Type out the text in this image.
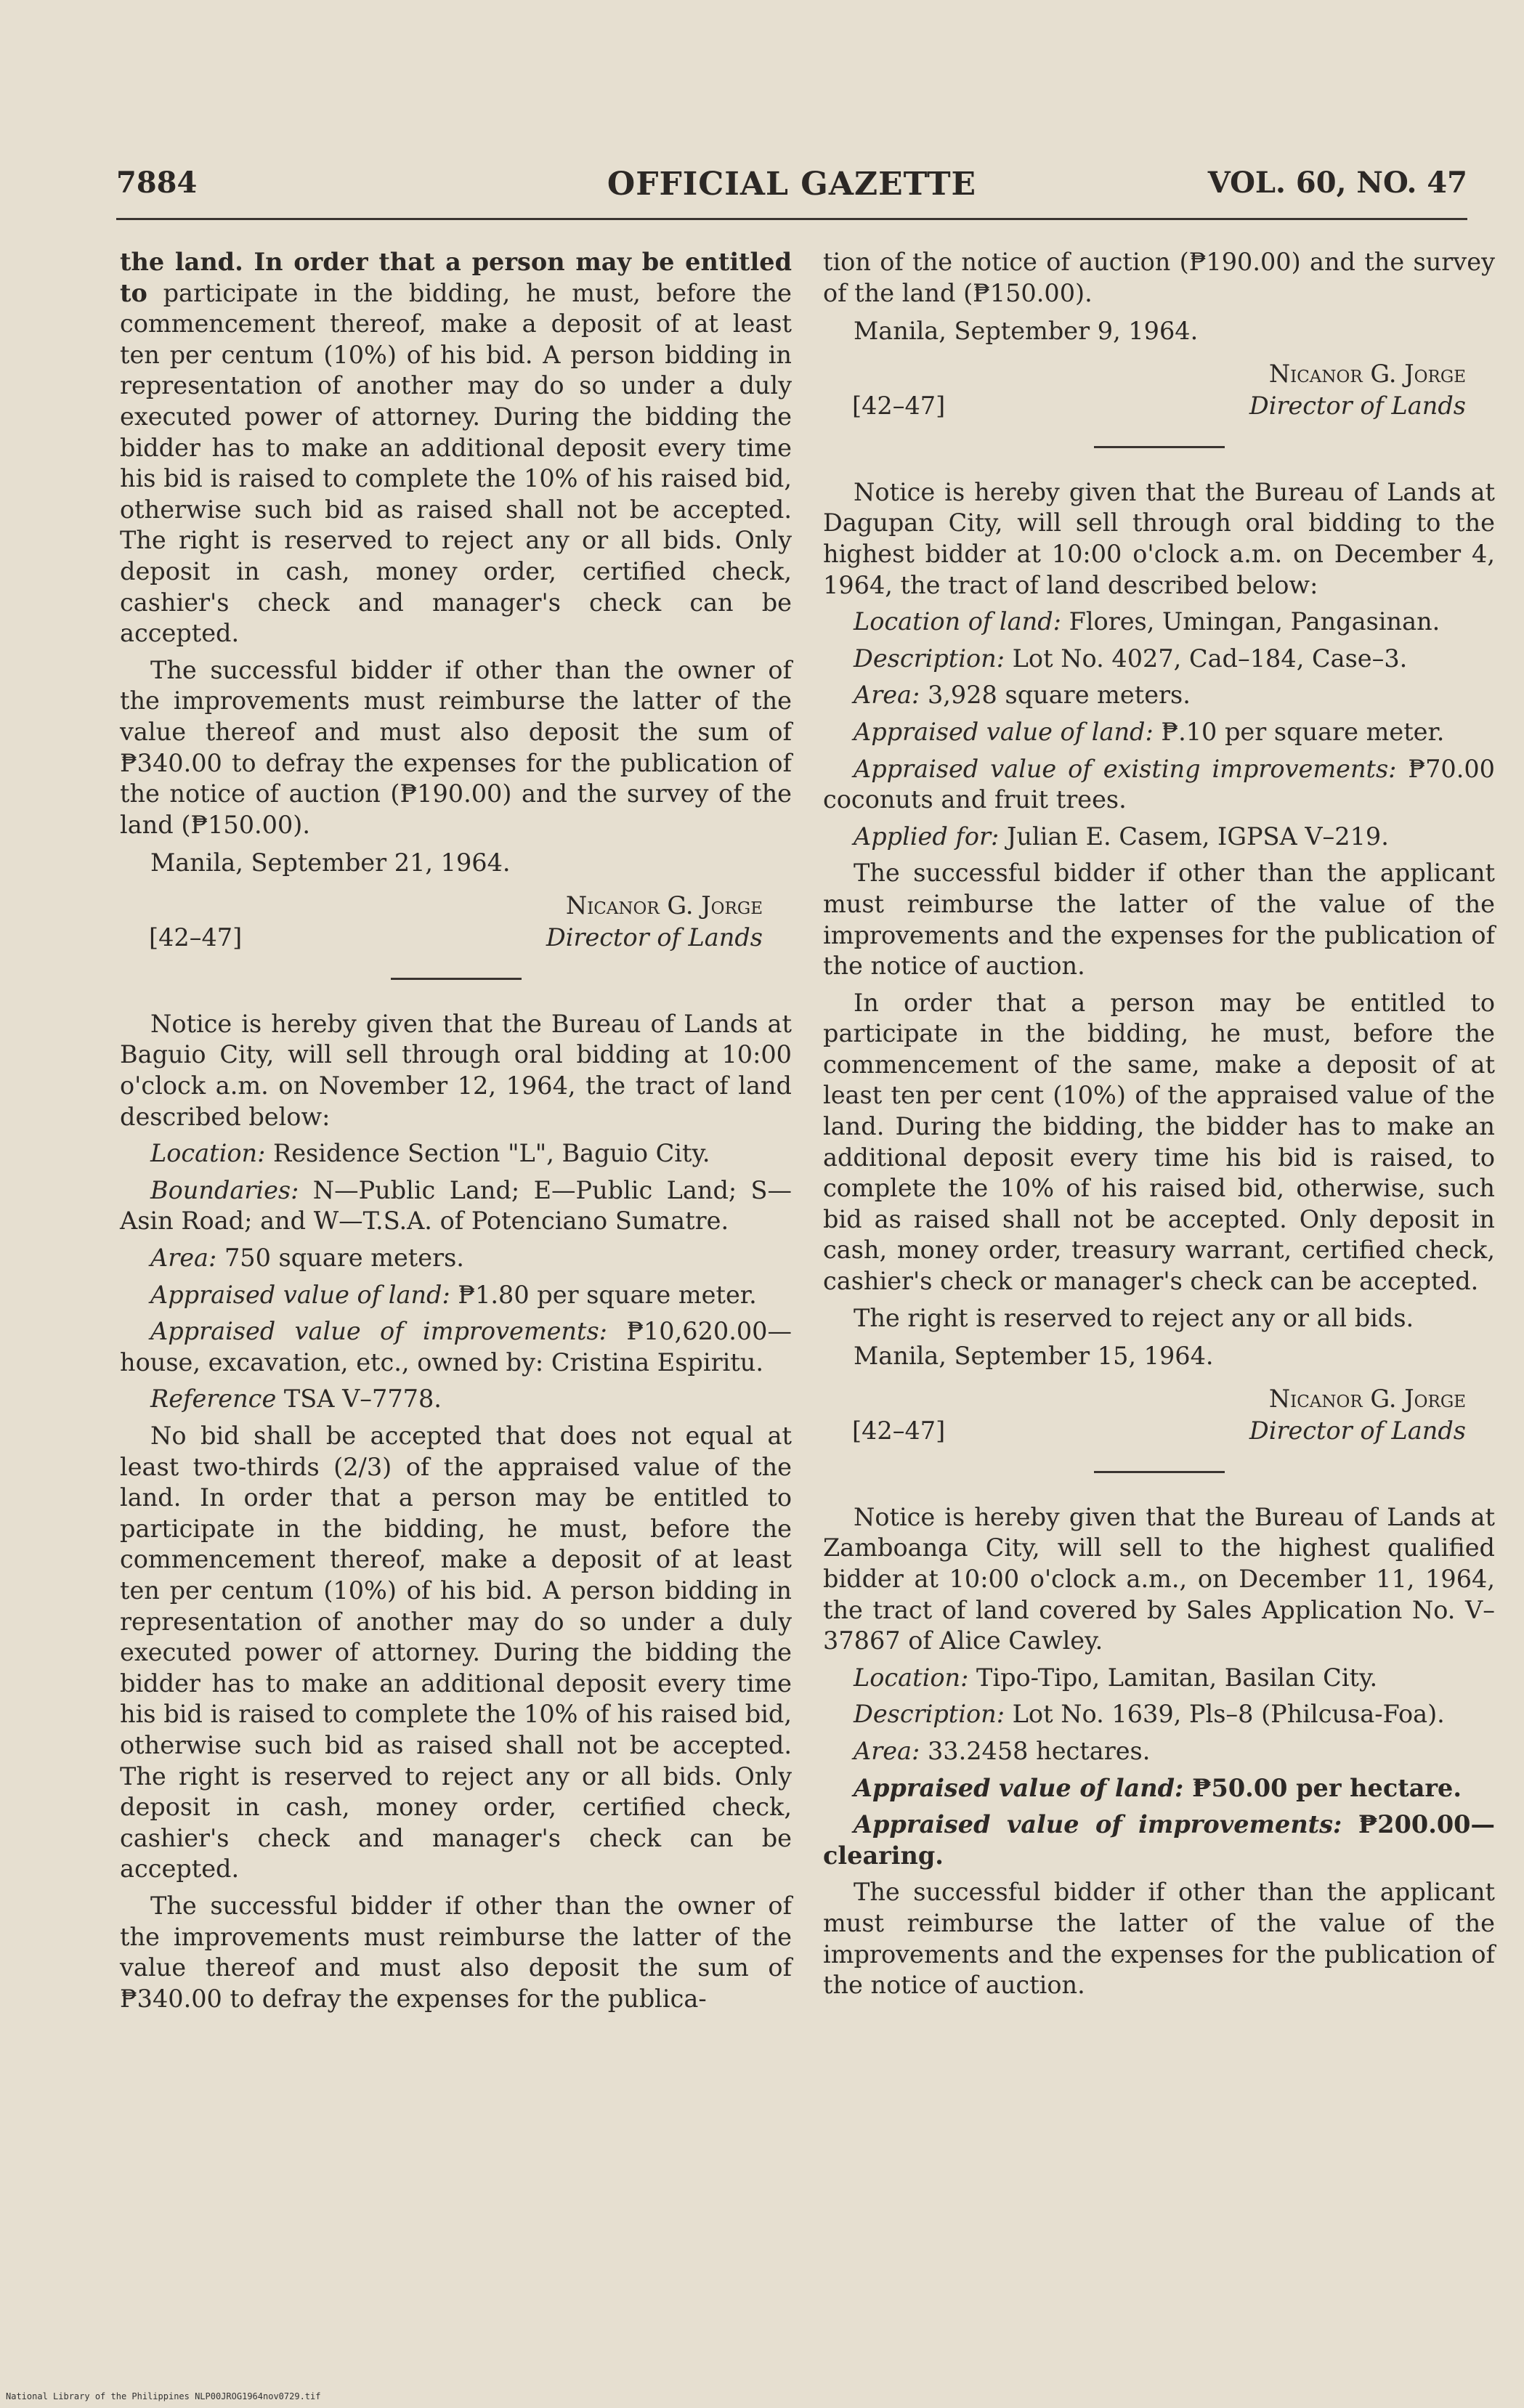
7884	OFFICIAL GAZETTE	VOL. 60, NO. 47

the land. In order that a person may be entitled to participate in the bidding, he must, before the commencement thereof, make a deposit of at least ten per centum (10%) of his bid. A person bidding in representation of another may do so under a duly executed power of attorney. During the bidding the bidder has to make an additional deposit every time his bid is raised to complete the 10% of his raised bid, otherwise such bid as raised shall not be accepted. The right is reserved to reject any or all bids. Only deposit in cash, money order, certified check, cashier's check and manager's check can be accepted.

The successful bidder if other than the owner of the improvements must reimburse the latter of the value thereof and must also deposit the sum of ₱340.00 to defray the expenses for the publication of the notice of auction (₱190.00) and the survey of the land (₱150.00).

Manila, September 21, 1964.

[42–47]
Nicanor G. Jorge
Director of Lands

Notice is hereby given that the Bureau of Lands at Baguio City, will sell through oral bidding at 10:00 o'clock a.m. on November 12, 1964, the tract of land described below:

Location: Residence Section "L", Baguio City.

Boundaries: N—Public Land; E—Public Land; S—Asin Road; and W—T.S.A. of Potenciano Sumatre.

Area: 750 square meters.

Appraised value of land: ₱1.80 per square meter.

Appraised value of improvements: ₱10,620.00—house, excavation, etc., owned by: Cristina Espiritu.

Reference TSA V–7778.

No bid shall be accepted that does not equal at least two-thirds (2/3) of the appraised value of the land. In order that a person may be entitled to participate in the bidding, he must, before the commencement thereof, make a deposit of at least ten per centum (10%) of his bid. A person bidding in representation of another may do so under a duly executed power of attorney. During the bidding the bidder has to make an additional deposit every time his bid is raised to complete the 10% of his raised bid, otherwise such bid as raised shall not be accepted. The right is reserved to reject any or all bids. Only deposit in cash, money order, certified check, cashier's check and manager's check can be accepted.

The successful bidder if other than the owner of the improvements must reimburse the latter of the value thereof and must also deposit the sum of ₱340.00 to defray the expenses for the publica-

tion of the notice of auction (₱190.00) and the survey of the land (₱150.00).

Manila, September 9, 1964.

[42–47]
Nicanor G. Jorge
Director of Lands

Notice is hereby given that the Bureau of Lands at Dagupan City, will sell through oral bidding to the highest bidder at 10:00 o'clock a.m. on December 4, 1964, the tract of land described below:

Location of land: Flores, Umingan, Pangasinan.

Description: Lot No. 4027, Cad–184, Case–3.

Area: 3,928 square meters.

Appraised value of land: ₱.10 per square meter.

Appraised value of existing improvements: ₱70.00 coconuts and fruit trees.

Applied for: Julian E. Casem, IGPSA V–219.

The successful bidder if other than the applicant must reimburse the latter of the value of the improvements and the expenses for the publication of the notice of auction.

In order that a person may be entitled to participate in the bidding, he must, before the commencement of the same, make a deposit of at least ten per cent (10%) of the appraised value of the land. During the bidding, the bidder has to make an additional deposit every time his bid is raised, to complete the 10% of his raised bid, otherwise, such bid as raised shall not be accepted. Only deposit in cash, money order, treasury warrant, certified check, cashier's check or manager's check can be accepted.

The right is reserved to reject any or all bids.

Manila, September 15, 1964.

[42–47]
Nicanor G. Jorge
Director of Lands

Notice is hereby given that the Bureau of Lands at Zamboanga City, will sell to the highest qualified bidder at 10:00 o'clock a.m., on December 11, 1964, the tract of land covered by Sales Application No. V–37867 of Alice Cawley.

Location: Tipo-Tipo, Lamitan, Basilan City.

Description: Lot No. 1639, Pls–8 (Philcusa-Foa).

Area: 33.2458 hectares.

Appraised value of land: ₱50.00 per hectare.

Appraised value of improvements: ₱200.00—clearing.

The successful bidder if other than the applicant must reimburse the latter of the value of the improvements and the expenses for the publication of the notice of auction.

National Library of the Philippines NLP00JROG1964nov0729.tif
